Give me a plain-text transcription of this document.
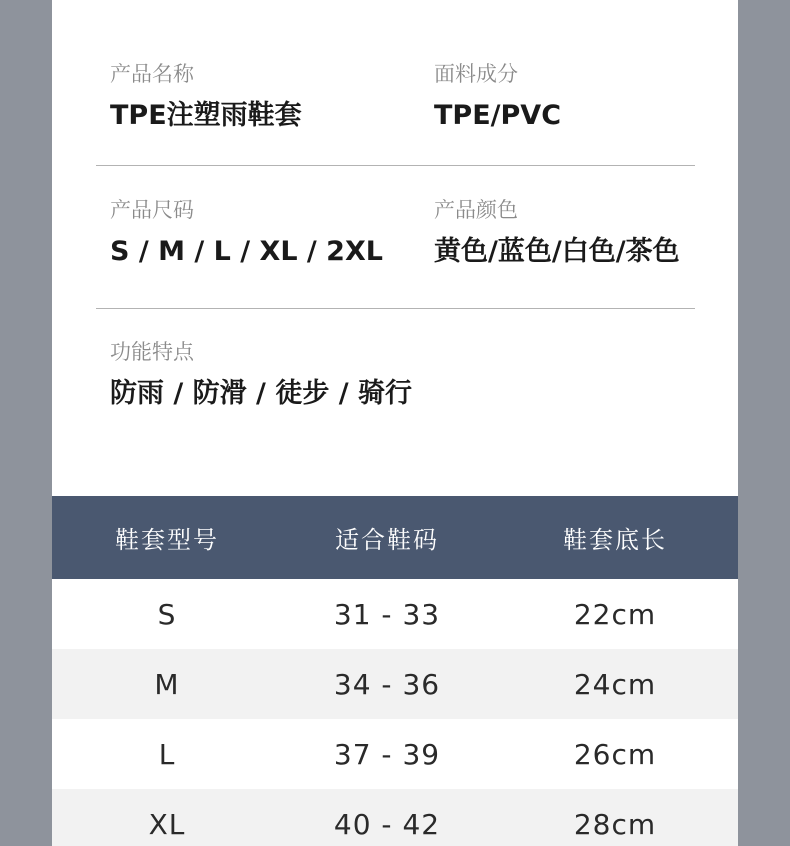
产品名称
TPE注塑雨鞋套
面料成分
TPE/PVC
产品尺码
S / M / L / XL / 2XL
产品颜色
黄色/蓝色/白色/茶色
功能特点
防雨 / 防滑 / 徒步 / 骑行
鞋套型号	适合鞋码	鞋套底长
S	31 - 33	22cm
M	34 - 36	24cm
L	37 - 39	26cm
XL	40 - 42	28cm
